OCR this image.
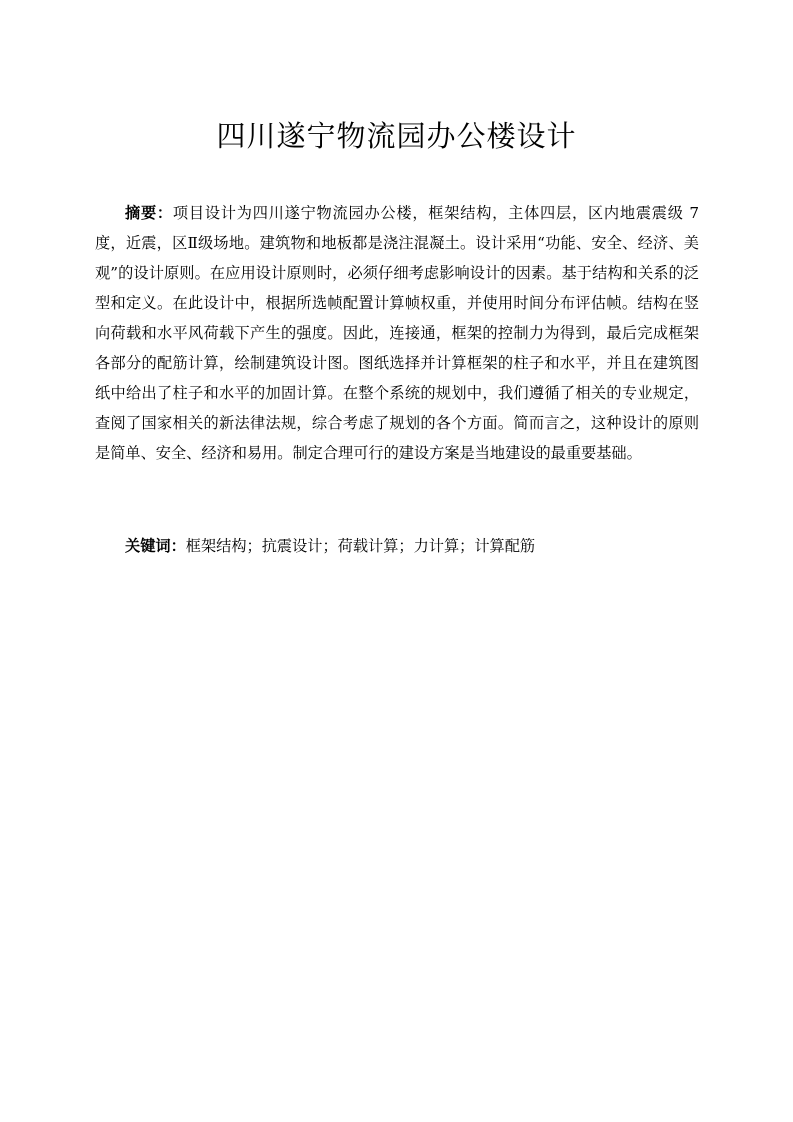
四川遂宁物流园办公楼设计

摘要：项目设计为四川遂宁物流园办公楼，框架结构，主体四层，区内地震震级 7度，近震，区Ⅱ级场地。建筑物和地板都是浇注混凝土。设计采用“功能、安全、经济、美观”的设计原则。在应用设计原则时，必须仔细考虑影响设计的因素。基于结构和关系的泛型和定义。在此设计中，根据所选帧配置计算帧权重，并使用时间分布评估帧。结构在竖向荷载和水平风荷载下产生的强度。因此，连接通，框架的控制力为得到，最后完成框架各部分的配筋计算，绘制建筑设计图。图纸选择并计算框架的柱子和水平，并且在建筑图纸中给出了柱子和水平的加固计算。在整个系统的规划中，我们遵循了相关的专业规定，查阅了国家相关的新法律法规，综合考虑了规划的各个方面。简而言之，这种设计的原则是简单、安全、经济和易用。制定合理可行的建设方案是当地建设的最重要基础。

关键词：框架结构；抗震设计；荷载计算；力计算；计算配筋
